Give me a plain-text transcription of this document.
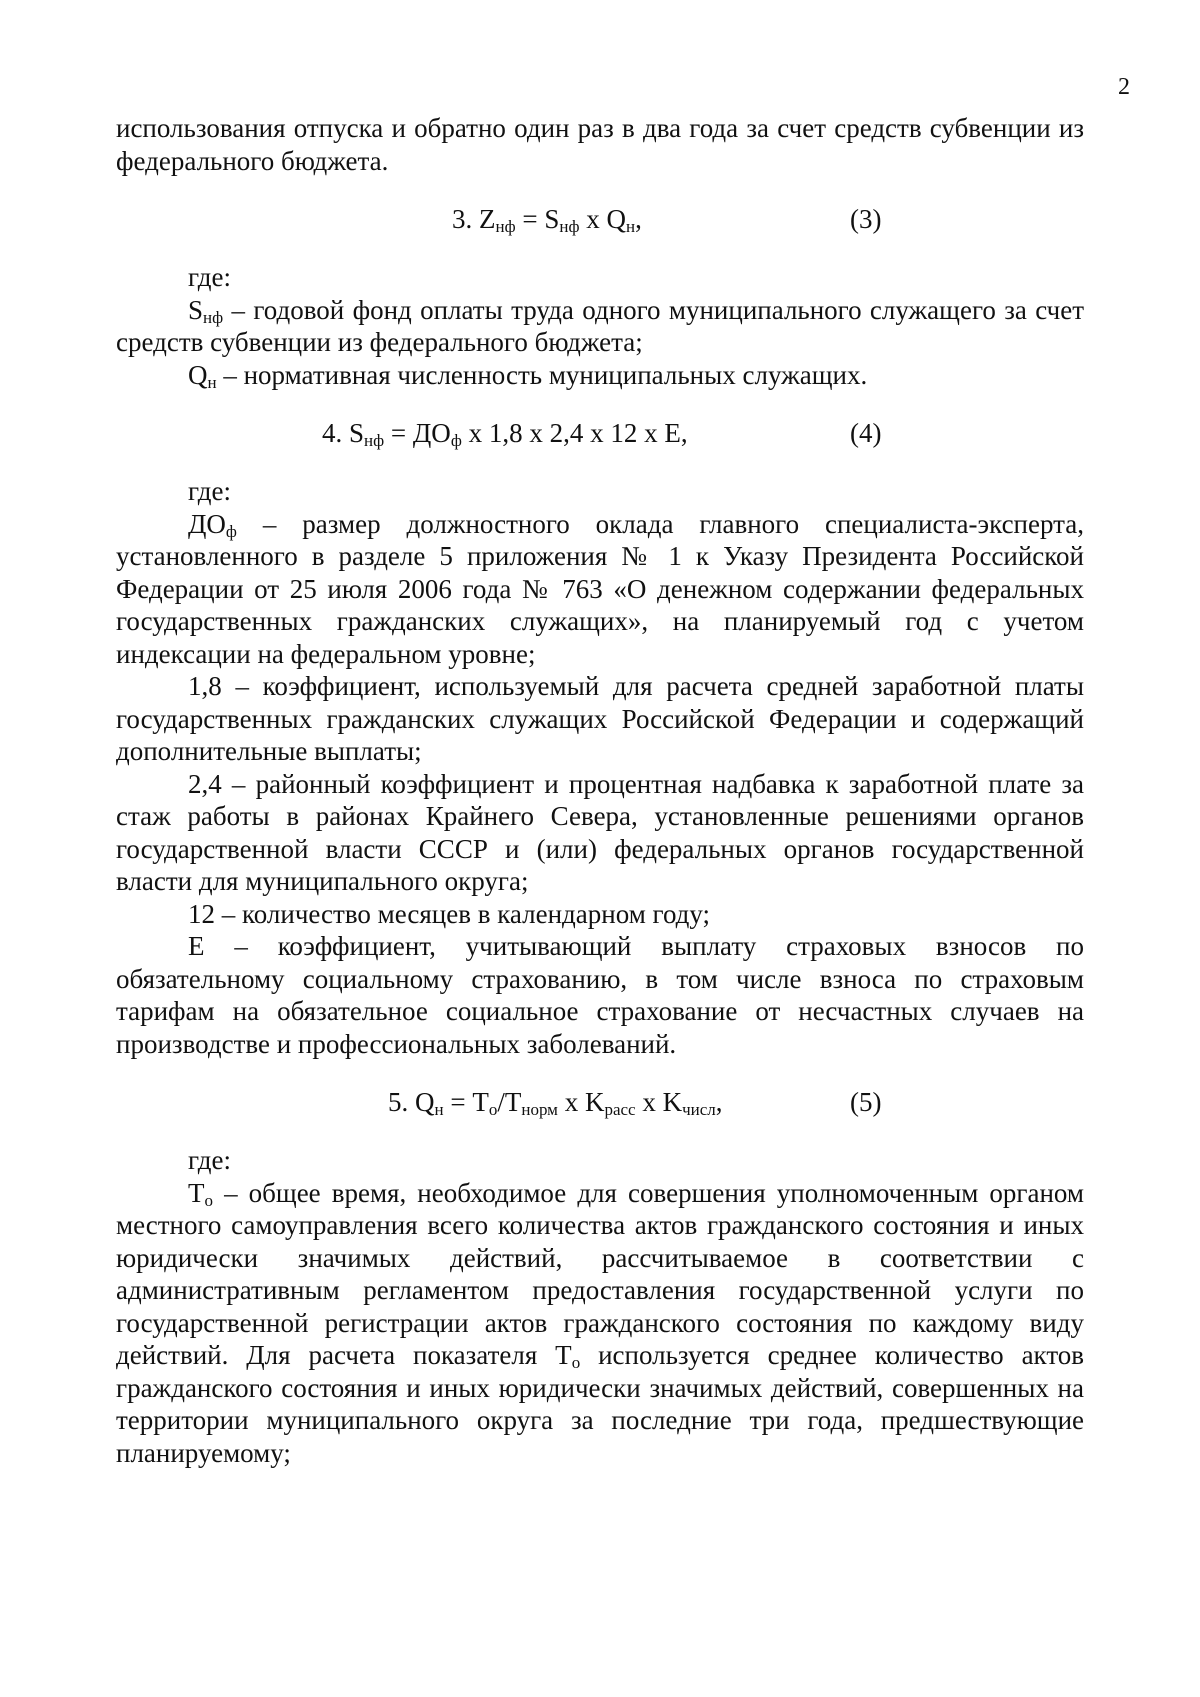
2

использования отпуска и обратно один раз в два года за счет средств субвенции из федерального бюджета.

3. $Z_{нф} = S_{нф}$ x $Q_н$,	(3)

где:

$S_{нф}$ – годовой фонд оплаты труда одного муниципального служащего за счет средств субвенции из федерального бюджета;

$Q_н$ – нормативная численность муниципальных служащих.

4. $S_{нф} = ДО_ф$ x 1,8 x 2,4 x 12 x Е,	(4)

где:

$ДО_ф$ – размер должностного оклада главного специалиста-эксперта, установленного в разделе 5 приложения № 1 к Указу Президента Российской Федерации от 25 июля 2006 года № 763 «О денежном содержании федеральных государственных гражданских служащих», на планируемый год с учетом индексации на федеральном уровне;

1,8 – коэффициент, используемый для расчета средней заработной платы государственных гражданских служащих Российской Федерации и содержащий дополнительные выплаты;

2,4 – районный коэффициент и процентная надбавка к заработной плате за стаж работы в районах Крайнего Севера, установленные решениями органов государственной власти СССР и (или) федеральных органов государственной власти для муниципального округа;

12 – количество месяцев в календарном году;

Е – коэффициент, учитывающий выплату страховых взносов по обязательному социальному страхованию, в том числе взноса по страховым тарифам на обязательное социальное страхование от несчастных случаев на производстве и профессиональных заболеваний.

5. $Q_н = T_о/T_{норм}$ x $K_{расс}$ x $K_{числ}$,	(5)

где:

$T_о$ – общее время, необходимое для совершения уполномоченным органом местного самоуправления всего количества актов гражданского состояния и иных юридически значимых действий, рассчитываемое в соответствии с административным регламентом предоставления государственной услуги по государственной регистрации актов гражданского состояния по каждому виду действий. Для расчета показателя $T_о$ используется среднее количество актов гражданского состояния и иных юридически значимых действий, совершенных на территории муниципального округа за последние три года, предшествующие планируемому;
